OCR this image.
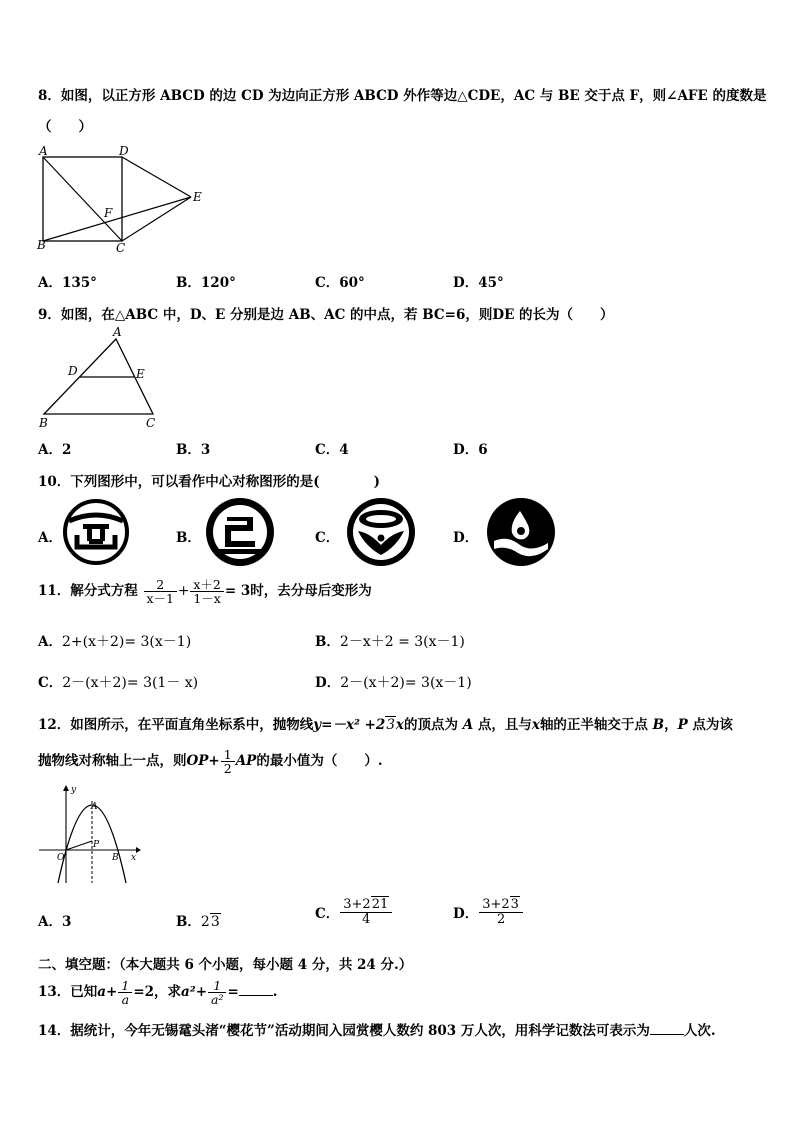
8．如图，以正方形 ABCD 的边 CD 为边向正方形 ABCD 外作等边△CDE，AC 与 BE 交于点 F，则∠AFE 的度数是
（　　）
A	D
E
F
B	C
A．135°	B．120°	C．60°	D．45°
9．如图，在△ABC 中，D、E 分别是边 AB、AC 的中点，若 BC=6，则DE 的长为（　　）
A
D	E
B	C
A．2	B．3	C．4	D．6
10．下列图形中，可以看作中心对称图形的是(　　　　)
A．	B．	C．	D．
11．解分式方程 $\frac{2}{x-1} + \frac{x+2}{1-x} = 3$时，去分母后变形为
A．2+(x＋2)= 3(x－1)	B．2－x＋2 = 3(x－1)
C．2－(x＋2)= 3(1－ x)	D．2－(x＋2)= 3(x－1)
12．如图所示，在平面直角坐标系中，抛物线y=－x² +23x的顶点为 A 点，且与x轴的正半轴交于点 B，P 点为该
抛物线对称轴上一点，则$OP+ \frac{1}{2}$ AP的最小值为（　　）.
y
x
O
A
P
B
A．3	B．23	C． $\frac{3+221}{4}$	D． $\frac{3+23}{2}$
二、填空题：（本大题共 6 个小题，每小题 4 分，共 24 分.）
13．已知$a+ \frac{1}{a} =2$，求$a^2+ \frac{1}{\text{a²}}$ =	.
14．据统计，今年无锡鼋头渚“樱花节”活动期间入园赏樱人数约 803 万人次，用科学记数法可表示为	人次.
